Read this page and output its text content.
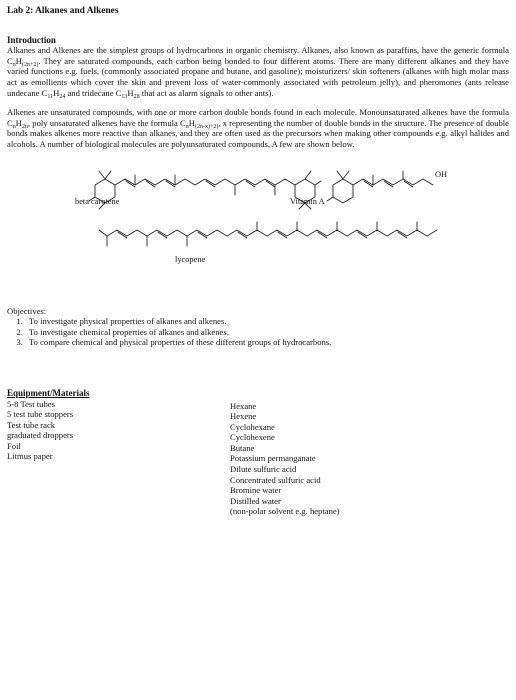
Lab 2: Alkanes and Alkenes
Introduction

Alkanes and Alkenes are the simplest groups of hydrocarbons in organic chemistry. Alkanes, also known as paraffins, have the generic formula $C_nH_{(2n+2)}$. They are saturated compounds, each carbon being bonded to four different atoms. There are many different alkanes and they have varied functions e.g. fuels, (commonly associated propane and butane, and gasoline); moisturizers/ skin softeners (alkanes with high molar mass act as emollients which cover the skin and prevent loss of water-commonly associated with petroleum jelly), and pheromones (ants release undecane $C_{11}H_{24}$ and tridecane $C_{13}H_{28}$ that act as alarm signals to other ants).

Alkenes are unsaturated compounds, with one or more carbon double bonds found in each molecule. Monounsaturated alkenes have the formula $C_nH_{2n}$, poly unsaturated alkenes have the formula $C_nH_{(2n-x)+2)}$, x representing the number of double bonds in the structure. The presence of double bonds makes alkenes more reactive than alkanes, and they are often used as the precursors when making other compounds e.g. alkyl halides and alcohols. A number of biological molecules are polyunsaturated compounds. A few are shown below.

OH
beta carotene	Vitamin A
lycopene
Objectives:
1. To investigate physical properties of alkanes and alkenes.
2. To investigate chemical properties of alkanes and alkenes.
3. To compare chemical and physical properties of these different groups of hydrocarbons.
Equipment/Materials
5-8 Test tubes
5 test tube stoppers
Test tube rack
graduated droppers
Foil
Litmus paper
Hexane
Hexene
Cyclohexane
Cyclohexene
Butane
Potassium permanganate
Dilute sulfuric acid
Concentrated sulfuric acid
Bromine water
Distilled water
(non-polar solvent e.g. heptane)
